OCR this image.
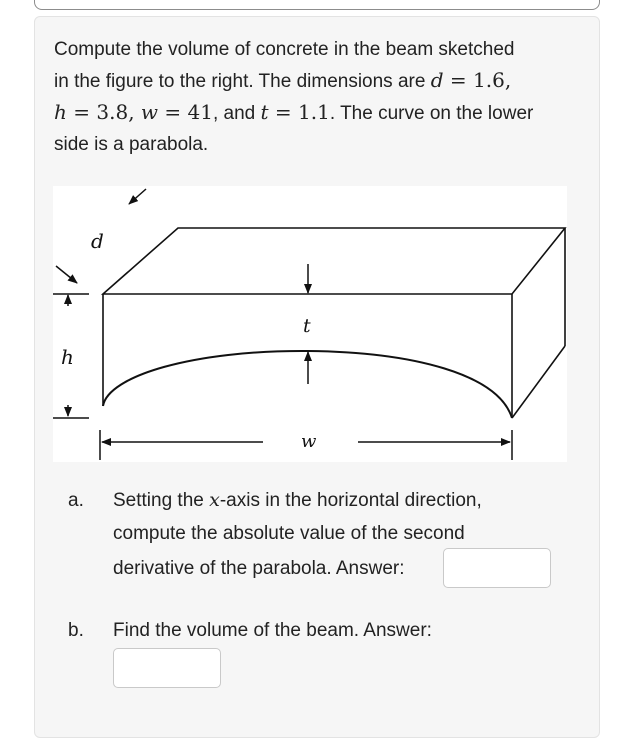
Compute the volume of concrete in the beam sketched
in the figure to the right. The dimensions are d = 1.6,
h = 3.8, w = 41, and t = 1.1. The curve on the lower
side is a parabola.
d
h
t
w
a.	Setting the x-axis in the horizontal direction,
compute the absolute value of the second
derivative of the parabola. Answer:
b.	Find the volume of the beam. Answer:
